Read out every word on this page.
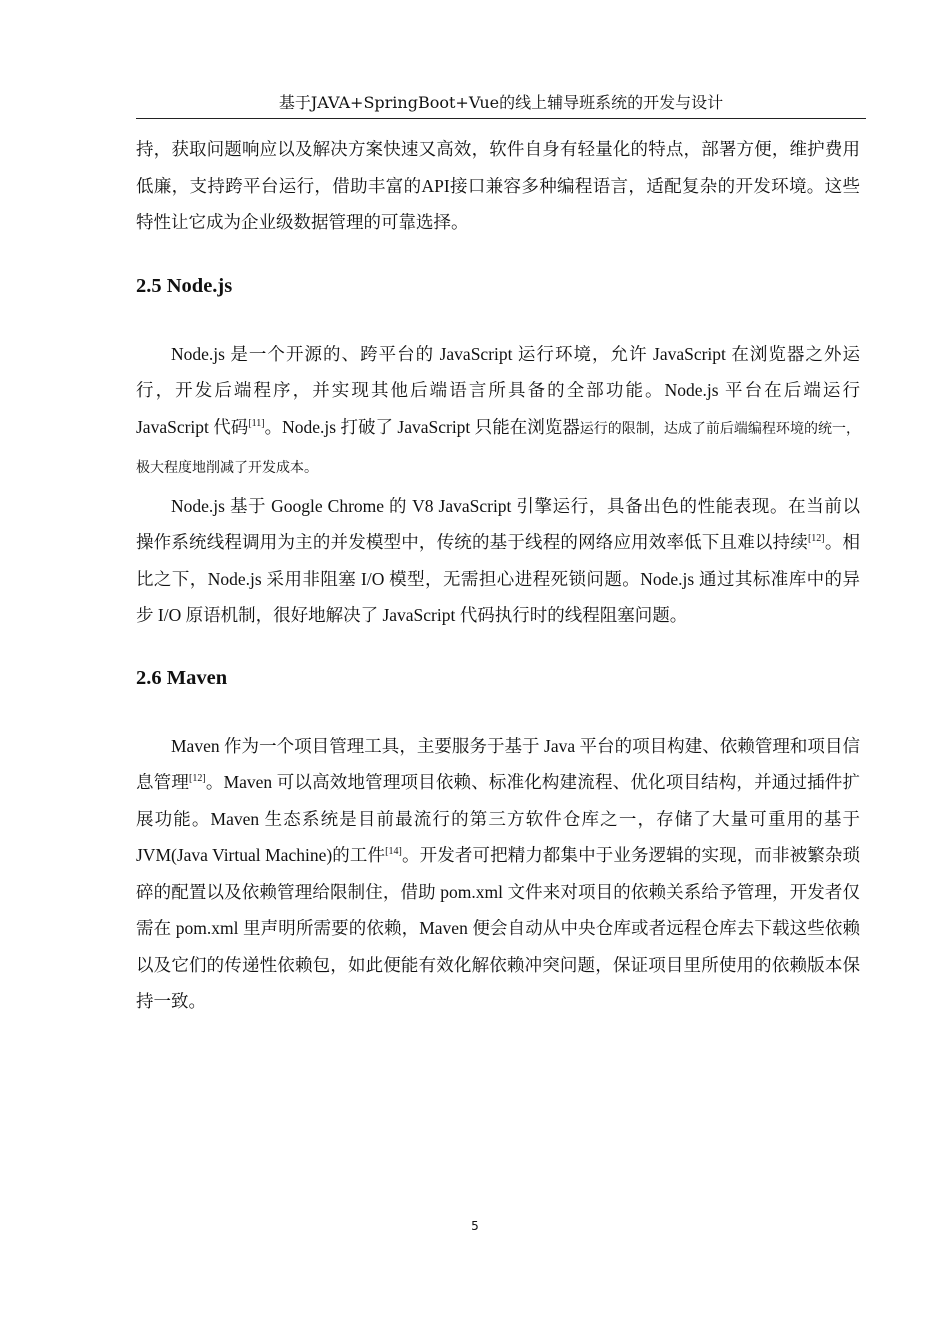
基于JAVA+SpringBoot+Vue的线上辅导班系统的开发与设计

持，获取问题响应以及解决方案快速又高效，软件自身有轻量化的特点，部署方便，维护费用低廉，支持跨平台运行，借助丰富的API接口兼容多种编程语言，适配复杂的开发环境。这些特性让它成为企业级数据管理的可靠选择。

2.5 Node.js

Node.js 是一个开源的、跨平台的 JavaScript 运行环境，允许 JavaScript 在浏览器之外运行，开发后端程序，并实现其他后端语言所具备的全部功能。Node.js 平台在后端运行 JavaScript 代码[11]。Node.js 打破了 JavaScript 只能在浏览器运行的限制，达成了前后端编程环境的统一，极大程度地削减了开发成本。

Node.js 基于 Google Chrome 的 V8 JavaScript 引擎运行，具备出色的性能表现。在当前以操作系统线程调用为主的并发模型中，传统的基于线程的网络应用效率低下且难以持续[12]。相比之下，Node.js 采用非阻塞 I/O 模型，无需担心进程死锁问题。Node.js 通过其标准库中的异步 I/O 原语机制，很好地解决了 JavaScript 代码执行时的线程阻塞问题。

2.6 Maven

Maven 作为一个项目管理工具，主要服务于基于 Java 平台的项目构建、依赖管理和项目信息管理[12]。Maven 可以高效地管理项目依赖、标准化构建流程、优化项目结构，并通过插件扩展功能。Maven 生态系统是目前最流行的第三方软件仓库之一，存储了大量可重用的基于 JVM(Java Virtual Machine)的工件[14]。开发者可把精力都集中于业务逻辑的实现，而非被繁杂琐碎的配置以及依赖管理给限制住，借助 pom.xml 文件来对项目的依赖关系给予管理，开发者仅需在 pom.xml 里声明所需要的依赖，Maven 便会自动从中央仓库或者远程仓库去下载这些依赖以及它们的传递性依赖包，如此便能有效化解依赖冲突问题，保证项目里所使用的依赖版本保持一致。

5
